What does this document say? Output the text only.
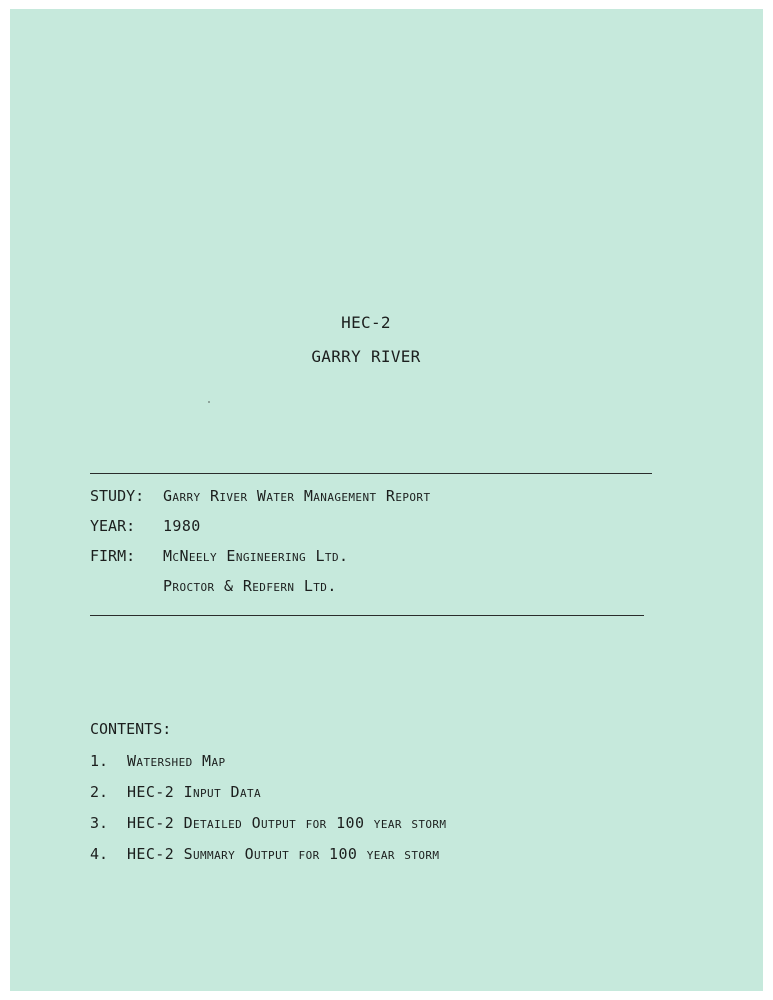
HEC-2
GARRY RIVER
STUDY:	Garry River Water Management Report
YEAR:	1980
FIRM:	McNeely Engineering Ltd.
Proctor & Redfern Ltd.
CONTENTS:
1.	Watershed Map
2.	HEC-2 Input Data
3.	HEC-2 Detailed Output for 100 year storm
4.	HEC-2 Summary Output for 100 year storm
